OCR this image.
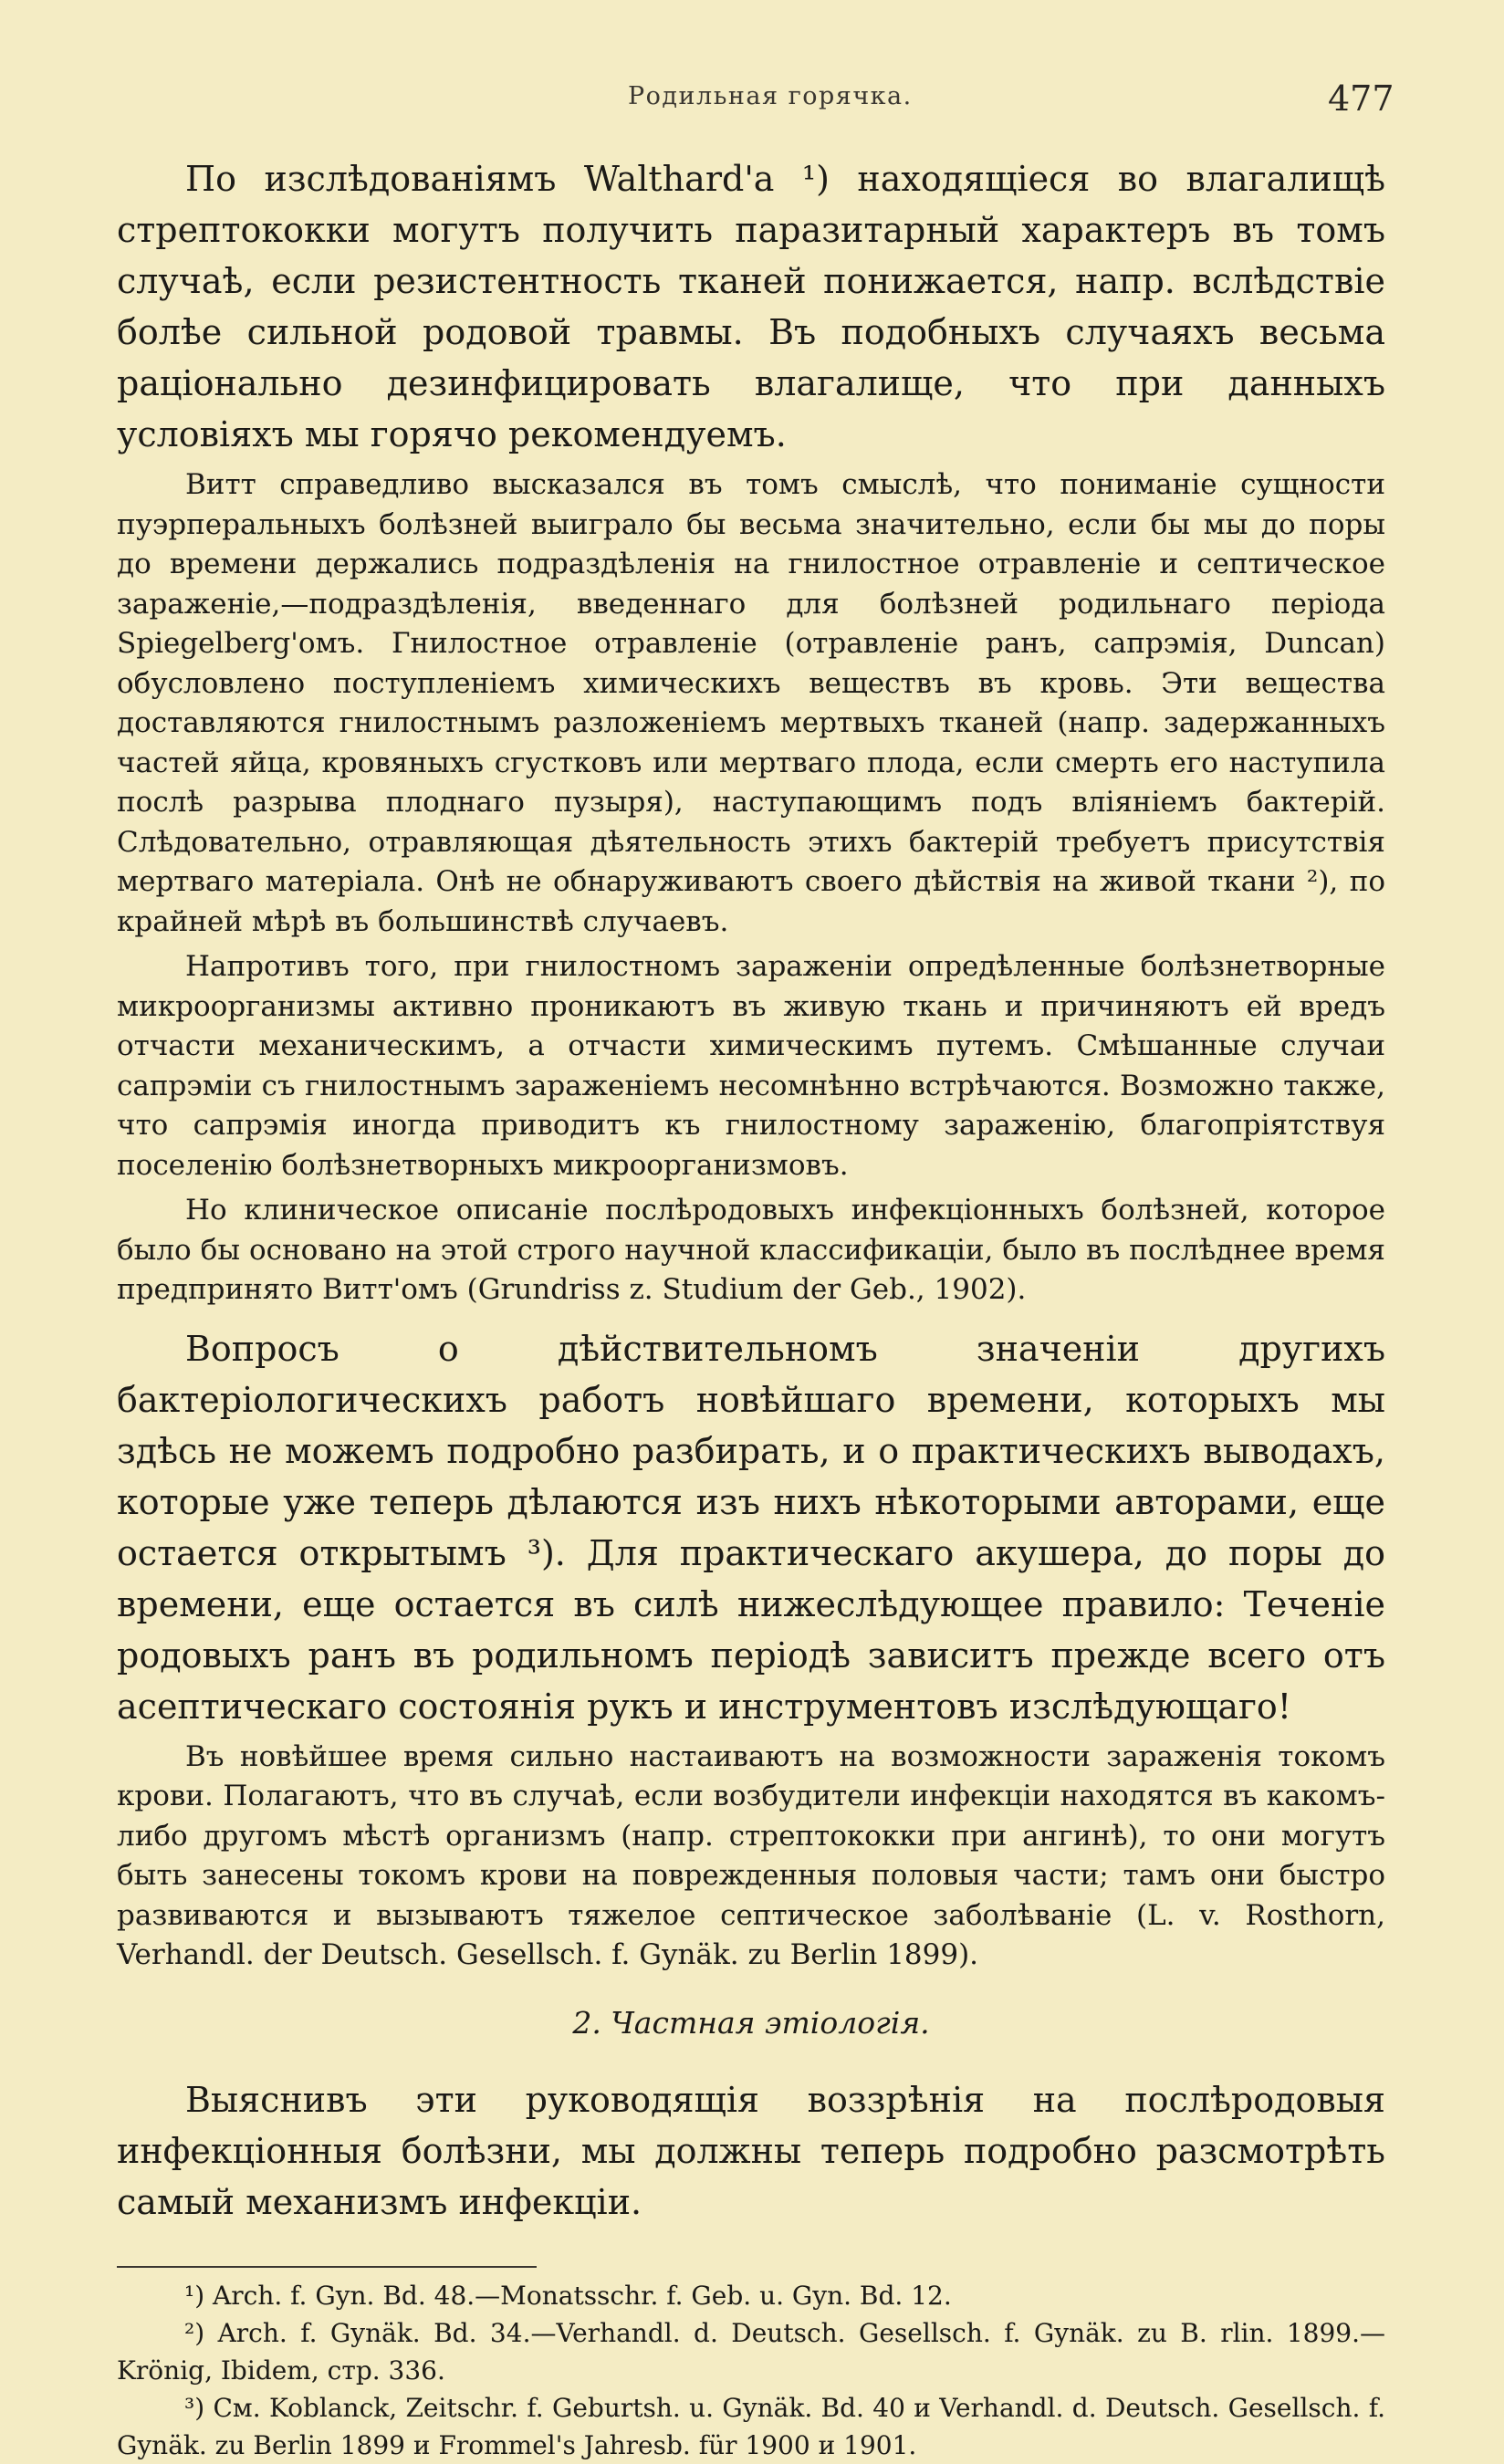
Родильная горячка.	477

По изслѣдованіямъ Walthard'а ¹) находящіеся во влагалищѣ стрептококки могутъ получить паразитарный характеръ въ томъ случаѣ, если резистентность тканей понижается, напр. вслѣдствіе болѣе сильной родовой травмы. Въ подобныхъ случаяхъ весьма раціонально дезинфицировать влагалище, что при данныхъ условіяхъ мы горячо рекомендуемъ.

Витт справедливо высказался въ томъ смыслѣ, что пониманіе сущности пуэрперальныхъ болѣзней выиграло бы весьма значительно, если бы мы до поры до времени держались подраздѣленія на гнилостное отравленіе и септическое зараженіе,—подраздѣленія, введеннаго для болѣзней родильнаго періода Spiegelberg'омъ. Гнилостное отравленіе (отравленіе ранъ, сапрэмія, Duncan) обусловлено поступленіемъ химическихъ веществъ въ кровь. Эти вещества доставляются гнилостнымъ разложеніемъ мертвыхъ тканей (напр. задержанныхъ частей яйца, кровяныхъ сгустковъ или мертваго плода, если смерть его наступила послѣ разрыва плоднаго пузыря), наступающимъ подъ вліяніемъ бактерій. Слѣдовательно, отравляющая дѣятельность этихъ бактерій требуетъ присутствія мертваго матеріала. Онѣ не обнаруживаютъ своего дѣйствія на живой ткани ²), по крайней мѣрѣ въ большинствѣ случаевъ.

Напротивъ того, при гнилостномъ зараженіи опредѣленные болѣзнетворные микроорганизмы активно проникаютъ въ живую ткань и причиняютъ ей вредъ отчасти механическимъ, а отчасти химическимъ путемъ. Смѣшанные случаи сапрэміи съ гнилостнымъ зараженіемъ несомнѣнно встрѣчаются. Возможно также, что сапрэмія иногда приводитъ къ гнилостному зараженію, благопріятствуя поселенію болѣзнетворныхъ микроорганизмовъ.

Но клиническое описаніе послѣродовыхъ инфекціонныхъ болѣзней, которое было бы основано на этой строго научной классификаціи, было въ послѣднее время предпринято Витт'омъ (Grundriss z. Studium der Geb., 1902).

Вопросъ о дѣйствительномъ значеніи другихъ бактеріологическихъ работъ новѣйшаго времени, которыхъ мы здѣсь не можемъ подробно разбирать, и о практическихъ выводахъ, которые уже теперь дѣлаются изъ нихъ нѣкоторыми авторами, еще остается открытымъ ³). Для практическаго акушера, до поры до времени, еще остается въ силѣ нижеслѣдующее правило: Теченіе родовыхъ ранъ въ родильномъ періодѣ зависитъ прежде всего отъ асептическаго состоянія рукъ и инструментовъ изслѣдующаго!

Въ новѣйшее время сильно настаиваютъ на возможности зараженія токомъ крови. Полагаютъ, что въ случаѣ, если возбудители инфекціи находятся въ какомъ-либо другомъ мѣстѣ организмъ (напр. стрептококки при ангинѣ), то они могутъ быть занесены токомъ крови на поврежденныя половыя части; тамъ они быстро развиваются и вызываютъ тяжелое септическое заболѣваніе (L. v. Rosthorn, Verhandl. der Deutsch. Gesellsch. f. Gynäk. zu Berlin 1899).

2. Частная этіологія.

Выяснивъ эти руководящія воззрѣнія на послѣродовыя инфекціонныя болѣзни, мы должны теперь подробно разсмотрѣть самый механизмъ инфекціи.

¹) Arch. f. Gyn. Bd. 48.—Monatsschr. f. Geb. u. Gyn. Bd. 12.

²) Arch. f. Gynäk. Bd. 34.—Verhandl. d. Deutsch. Gesellsch. f. Gynäk. zu B. rlin. 1899.—Krönig, Ibidem, стр. 336.

³) См. Koblanck, Zeitschr. f. Geburtsh. u. Gynäk. Bd. 40 и Verhandl. d. Deutsch. Gesellsch. f. Gynäk. zu Berlin 1899 и Frommel's Jahresb. für 1900 и 1901.
